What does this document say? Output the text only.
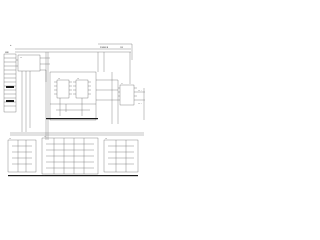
+
POWER IN	12V
GND
IC1
IC2	IC3
IC4
IC5
OUT L
OUT R
CN1
CN2
CN3
